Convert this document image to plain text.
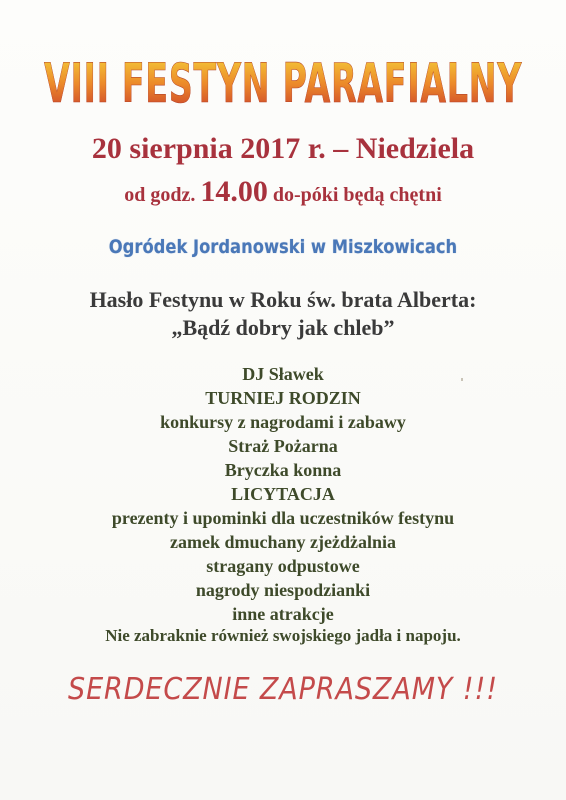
VIII FESTYN PARAFIALNY
20 sierpnia 2017 r. – Niedziela
od godz. 14.00 do-póki będą chętni
Ogródek Jordanowski w Miszkowicach
Hasło Festynu w Roku św. brata Alberta:
„Bądź dobry jak chleb”
DJ Sławek
TURNIEJ RODZIN
konkursy z nagrodami i zabawy
Straż Pożarna
Bryczka konna
LICYTACJA
prezenty i upominki dla uczestników festynu
zamek dmuchany zjeżdżalnia
stragany odpustowe
nagrody niespodzianki
inne atrakcje
Nie zabraknie również swojskiego jadła i napoju.
SERDECZNIE ZAPRASZAMY !!!
